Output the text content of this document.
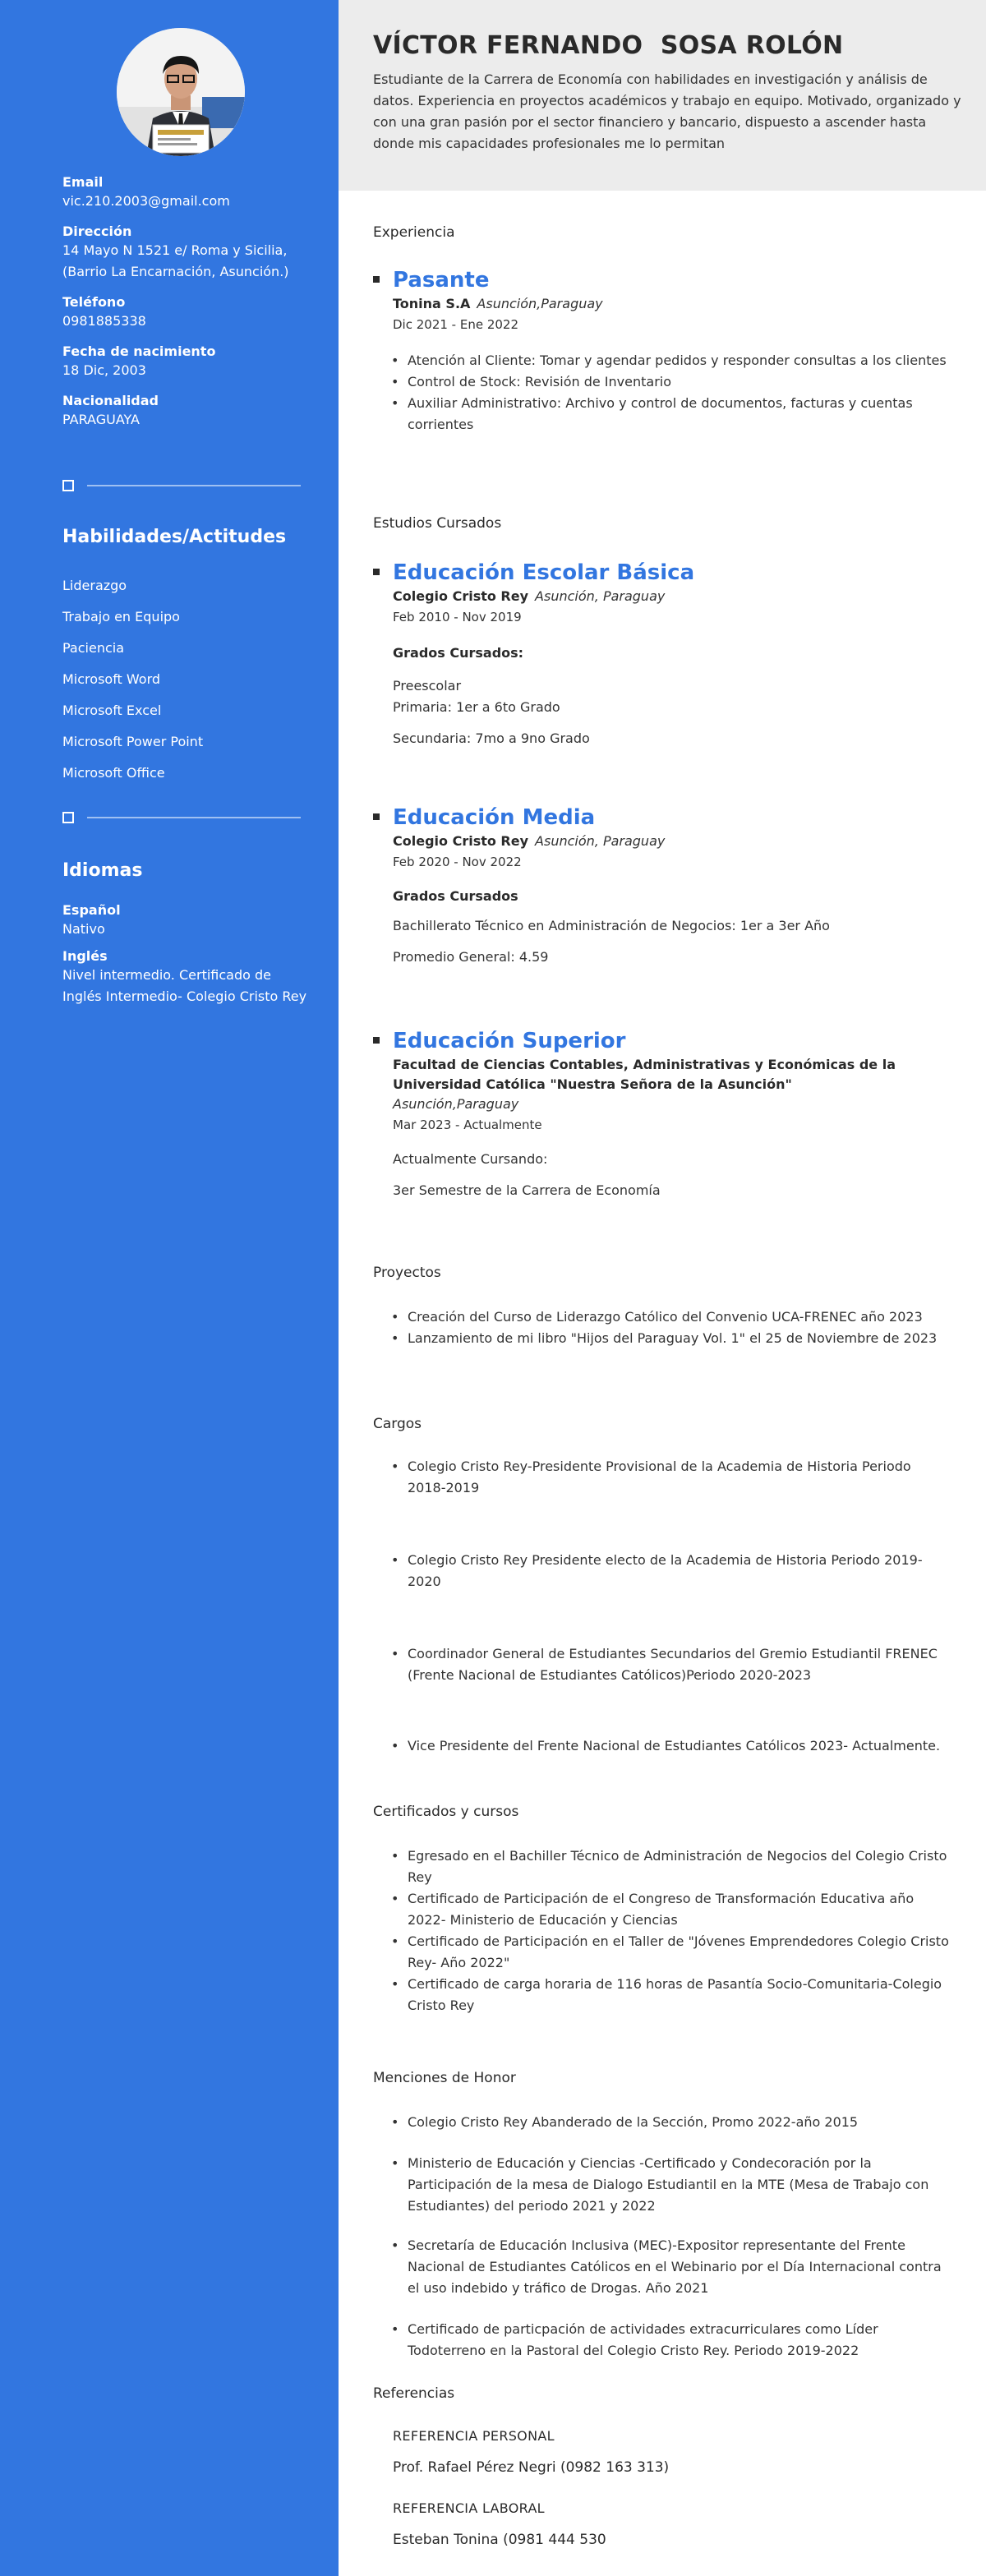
Email
vic.210.2003@gmail.com
Dirección
14 Mayo N 1521 e/ Roma y Sicilia, (Barrio La Encarnación, Asunción.)
Teléfono
0981885338
Fecha de nacimiento
18 Dic, 2003
Nacionalidad
PARAGUAYA
Habilidades/Actitudes
Liderazgo
Trabajo en Equipo
Paciencia
Microsoft Word
Microsoft Excel
Microsoft Power Point
Microsoft Office
Idiomas
Español
Nativo
Inglés
Nivel intermedio. Certificado de Inglés Intermedio- Colegio Cristo Rey
VÍCTOR FERNANDO  SOSA ROLÓN
Estudiante de la Carrera de Economía con habilidades en investigación y análisis de datos. Experiencia en proyectos académicos y trabajo en equipo. Motivado, organizado y con una gran pasión por el sector financiero y bancario, dispuesto a ascender hasta donde mis capacidades profesionales me lo permitan
Experiencia
Pasante
Tonina S.A Asunción,Paraguay
Dic 2021 - Ene 2022
• Atención al Cliente: Tomar y agendar pedidos y responder consultas a los clientes
• Control de Stock: Revisión de Inventario
• Auxiliar Administrativo: Archivo y control de documentos, facturas y cuentas corrientes
Estudios Cursados
Educación Escolar Básica
Colegio Cristo Rey Asunción, Paraguay
Feb 2010 - Nov 2019
Grados Cursados:
Preescolar
Primaria: 1er a 6to Grado
Secundaria: 7mo a 9no Grado
Educación Media
Colegio Cristo Rey Asunción, Paraguay
Feb 2020 - Nov 2022
Grados Cursados
Bachillerato Técnico en Administración de Negocios: 1er a 3er Año
Promedio General: 4.59
Educación Superior
Facultad de Ciencias Contables, Administrativas y Económicas de la Universidad Católica "Nuestra Señora de la Asunción"
Asunción,Paraguay
Mar 2023 - Actualmente
Actualmente Cursando:
3er Semestre de la Carrera de Economía
Proyectos
• Creación del Curso de Liderazgo Católico del Convenio UCA-FRENEC año 2023
• Lanzamiento de mi libro "Hijos del Paraguay Vol. 1" el 25 de Noviembre de 2023
Cargos
• Colegio Cristo Rey-Presidente Provisional de la Academia de Historia Periodo 2018-2019
• Colegio Cristo Rey Presidente electo de la Academia de Historia Periodo 2019-2020
• Coordinador General de Estudiantes Secundarios del Gremio Estudiantil FRENEC (Frente Nacional de Estudiantes Católicos)Periodo 2020-2023
• Vice Presidente del Frente Nacional de Estudiantes Católicos 2023- Actualmente.
Certificados y cursos
• Egresado en el Bachiller Técnico de Administración de Negocios del Colegio Cristo Rey
• Certificado de Participación de el Congreso de Transformación Educativa año 2022- Ministerio de Educación y Ciencias
• Certificado de Participación en el Taller de "Jóvenes Emprendedores Colegio Cristo Rey- Año 2022"
• Certificado de carga horaria de 116 horas de Pasantía Socio-Comunitaria-Colegio Cristo Rey
Menciones de Honor
• Colegio Cristo Rey Abanderado de la Sección, Promo 2022-año 2015
• Ministerio de Educación y Ciencias -Certificado y Condecoración por la Participación de la mesa de Dialogo Estudiantil en la MTE (Mesa de Trabajo con Estudiantes) del periodo 2021 y 2022
• Secretaría de Educación Inclusiva (MEC)-Expositor representante del Frente Nacional de Estudiantes Católicos en el Webinario por el Día Internacional contra el uso indebido y tráfico de Drogas. Año 2021
• Certificado de particpación de actividades extracurriculares como Líder Todoterreno en la Pastoral del Colegio Cristo Rey. Periodo 2019-2022
Referencias
REFERENCIA PERSONAL
Prof. Rafael Pérez Negri (0982 163 313)
REFERENCIA LABORAL
Esteban Tonina (0981 444 530
